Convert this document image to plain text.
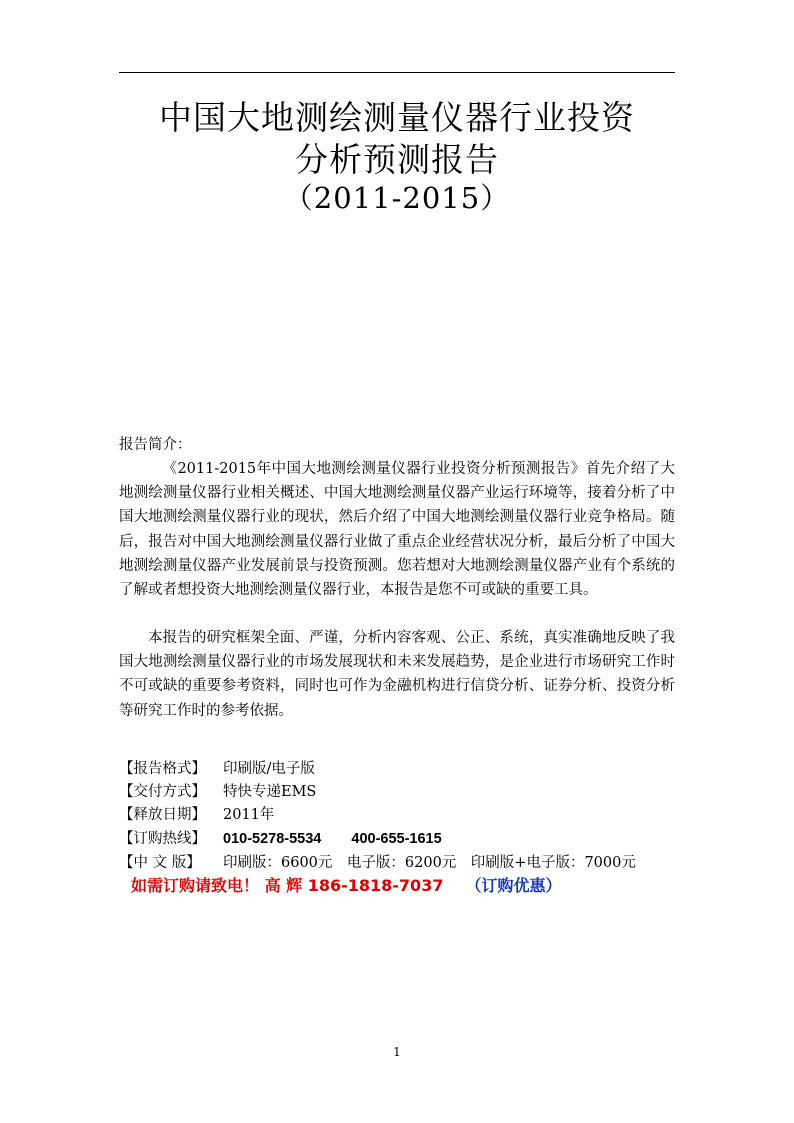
中国大地测绘测量仪器行业投资
分析预测报告
（2011-2015）
报告简介：

《2011-2015年中国大地测绘测量仪器行业投资分析预测报告》首先介绍了大地测绘测量仪器行业相关概述、中国大地测绘测量仪器产业运行环境等，接着分析了中国大地测绘测量仪器行业的现状，然后介绍了中国大地测绘测量仪器行业竞争格局。随后，报告对中国大地测绘测量仪器行业做了重点企业经营状况分析，最后分析了中国大地测绘测量仪器产业发展前景与投资预测。您若想对大地测绘测量仪器产业有个系统的了解或者想投资大地测绘测量仪器行业，本报告是您不可或缺的重要工具。

本报告的研究框架全面、严谨，分析内容客观、公正、系统，真实准确地反映了我国大地测绘测量仪器行业的市场发展现状和未来发展趋势，是企业进行市场研究工作时不可或缺的重要参考资料，同时也可作为金融机构进行信贷分析、证券分析、投资分析等研究工作时的参考依据。

【报告格式】 印刷版/电子版
【交付方式】 特快专递EMS
【释放日期】 2011年
【订购热线】 010-5278-5534 400-655-1615
【中 文 版】 印刷版：6600元　电子版：6200元　印刷版+电子版：7000元
如需订购请致电！ 高 辉 186-1818-7037 （订购优惠）
1
